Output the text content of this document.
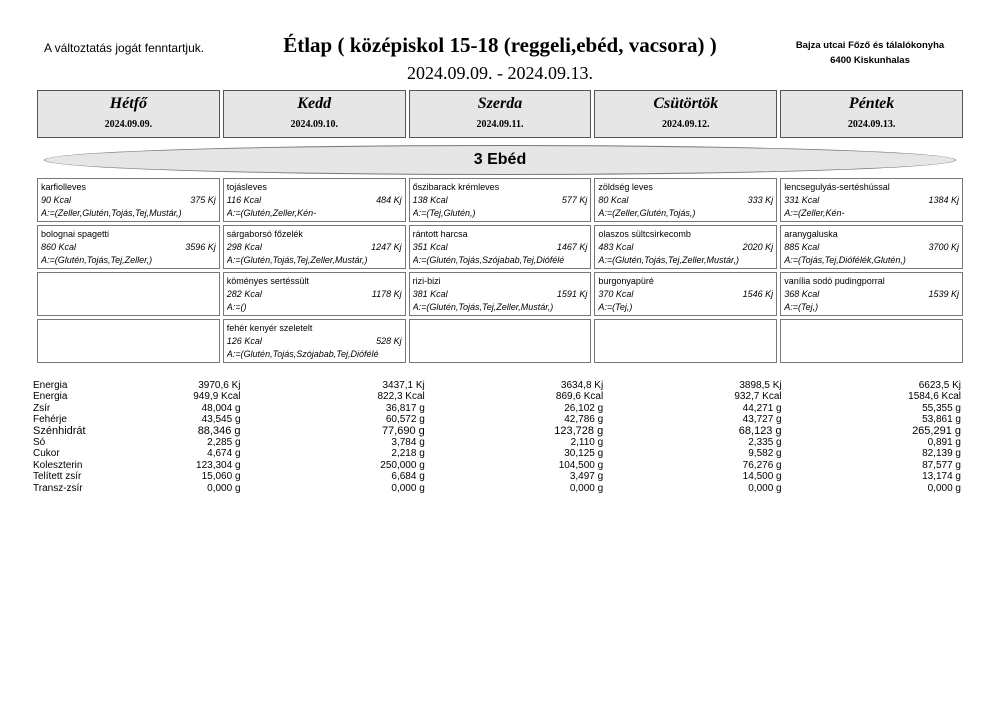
A változtatás jogát fenntartjuk.	Étlap ( középiskol 15-18 (reggeli,ebéd, vacsora) )
2024.09.09. - 2024.09.13.
Bajza utcai Főző és tálalókonyha
6400 Kiskunhalas
Hétfő
2024.09.09.
Kedd
2024.09.10.
Szerda
2024.09.11.
Csütörtök
2024.09.12.
Péntek
2024.09.13.
3 Ebéd
karfiolleves
90 Kcal	375 Kj
A:=(Zeller,Glutén,Tojás,Tej,Mustár,)
tojásleves
116 Kcal	484 Kj
A:=(Glutén,Zeller,Kén-
őszibarack krémleves
138 Kcal	577 Kj
A:=(Tej,Glutén,)
zöldség leves
80 Kcal	333 Kj
A:=(Zeller,Glutén,Tojás,)
lencsegulyás-sertéshússal
331 Kcal	1384 Kj
A:=(Zeller,Kén-
bolognai spagetti
860 Kcal	3596 Kj
A:=(Glutén,Tojás,Tej,Zeller,)
sárgaborsó főzelék
298 Kcal	1247 Kj
A:=(Glutén,Tojás,Tej,Zeller,Mustár,)
rántott harcsa
351 Kcal	1467 Kj
A:=(Glutén,Tojás,Szójabab,Tej,Diófélé
olaszos sültcsirkecomb
483 Kcal	2020 Kj
A:=(Glutén,Tojás,Tej,Zeller,Mustár,)
aranygaluska
885 Kcal	3700 Kj
A:=(Tojás,Tej,Diófélék,Glutén,)
köményes sertéssült
282 Kcal	1178 Kj
A:=()
rizi-bizi
381 Kcal	1591 Kj
A:=(Glutén,Tojás,Tej,Zeller,Mustár,)
burgonyapüré
370 Kcal	1546 Kj
A:=(Tej,)
vanília sodó pudingporral
368 Kcal	1539 Kj
A:=(Tej,)
fehér kenyér szeletelt
126 Kcal	528 Kj
A:=(Glutén,Tojás,Szójabab,Tej,Diófélé
Energia	3970,6 Kj	3437,1 Kj	3634,8 Kj	3898,5 Kj	6623,5 Kj
Energia	949,9 Kcal	822,3 Kcal	869,6 Kcal	932,7 Kcal	1584,6 Kcal
Zsír	48,004 g	36,817 g	26,102 g	44,271 g	55,355 g
Fehérje	43,545 g	60,572 g	42,786 g	43,727 g	53,861 g
Szénhidrát	88,346 g	77,690 g	123,728 g	68,123 g	265,291 g
Só	2,285 g	3,784 g	2,110 g	2,335 g	0,891 g
Cukor	4,674 g	2,218 g	30,125 g	9,582 g	82,139 g
Koleszterin	123,304 g	250,000 g	104,500 g	76,276 g	87,577 g
Telített zsír	15,060 g	6,684 g	3,497 g	14,500 g	13,174 g
Transz-zsír	0,000 g	0,000 g	0,000 g	0,000 g	0,000 g
